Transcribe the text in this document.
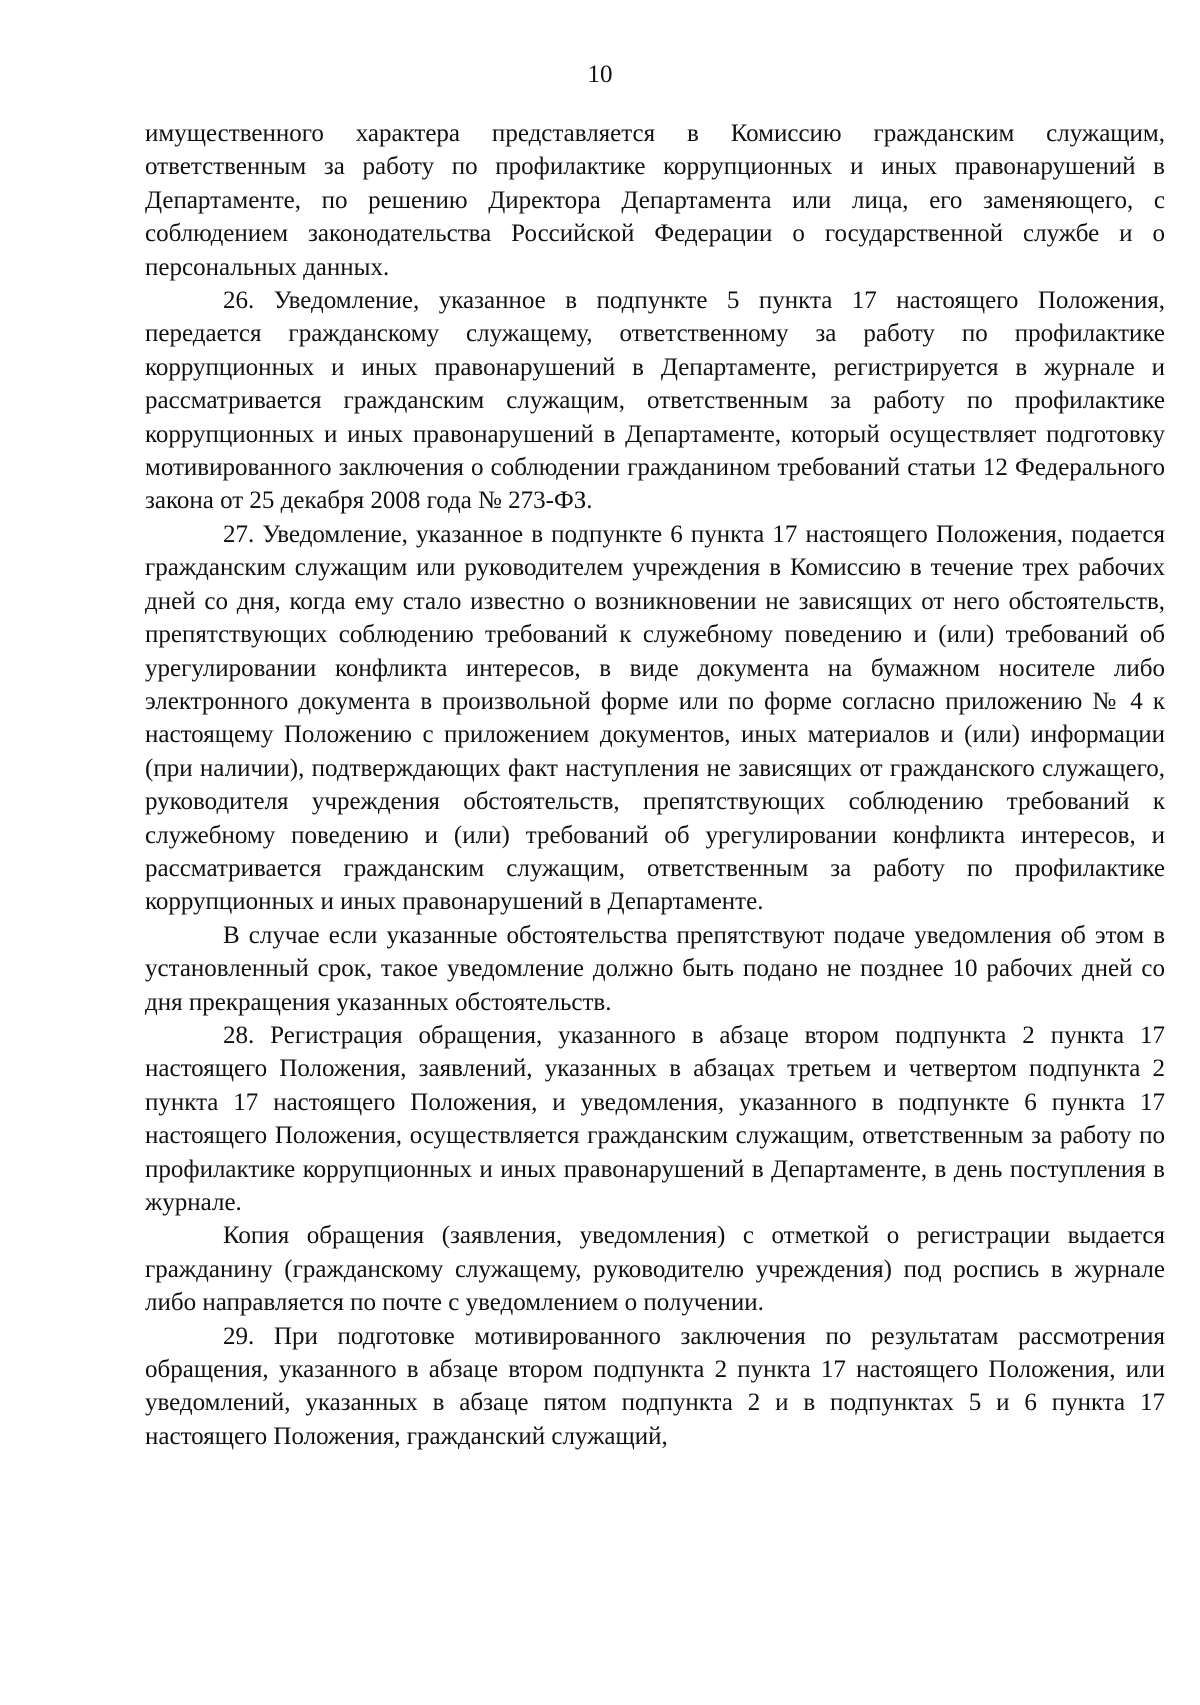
10

имущественного характера представляется в Комиссию гражданским служащим, ответственным за работу по профилактике коррупционных и иных правонарушений в Департаменте, по решению Директора Департамента или лица, его заменяющего, с соблюдением законодательства Российской Федерации о государственной службе и о персональных данных.

26. Уведомление, указанное в подпункте 5 пункта 17 настоящего Положения, передается гражданскому служащему, ответственному за работу по профилактике коррупционных и иных правонарушений в Департаменте, регистрируется в журнале и рассматривается гражданским служащим, ответственным за работу по профилактике коррупционных и иных правонарушений в Департаменте, который осуществляет подготовку мотивированного заключения о соблюдении гражданином требований статьи 12 Федерального закона от 25 декабря 2008 года № 273-ФЗ.

27. Уведомление, указанное в подпункте 6 пункта 17 настоящего Положения, подается гражданским служащим или руководителем учреждения в Комиссию в течение трех рабочих дней со дня, когда ему стало известно о возникновении не зависящих от него обстоятельств, препятствующих соблюдению требований к служебному поведению и (или) требований об урегулировании конфликта интересов, в виде документа на бумажном носителе либо электронного документа в произвольной форме или по форме согласно приложению № 4 к настоящему Положению с приложением документов, иных материалов и (или) информации (при наличии), подтверждающих факт наступления не зависящих от гражданского служащего, руководителя учреждения обстоятельств, препятствующих соблюдению требований к служебному поведению и (или) требований об урегулировании конфликта интересов, и рассматривается гражданским служащим, ответственным за работу по профилактике коррупционных и иных правонарушений в Департаменте.

В случае если указанные обстоятельства препятствуют подаче уведомления об этом в установленный срок, такое уведомление должно быть подано не позднее 10 рабочих дней со дня прекращения указанных обстоятельств.

28. Регистрация обращения, указанного в абзаце втором подпункта 2 пункта 17 настоящего Положения, заявлений, указанных в абзацах третьем и четвертом подпункта 2 пункта 17 настоящего Положения, и уведомления, указанного в подпункте 6 пункта 17 настоящего Положения, осуществляется гражданским служащим, ответственным за работу по профилактике коррупционных и иных правонарушений в Департаменте, в день поступления в журнале.

Копия обращения (заявления, уведомления) с отметкой о регистрации выдается гражданину (гражданскому служащему, руководителю учреждения) под роспись в журнале либо направляется по почте с уведомлением о получении.

29. При подготовке мотивированного заключения по результатам рассмотрения обращения, указанного в абзаце втором подпункта 2 пункта 17 настоящего Положения, или уведомлений, указанных в абзаце пятом подпункта 2 и в подпунктах 5 и 6 пункта 17 настоящего Положения, гражданский служащий,
